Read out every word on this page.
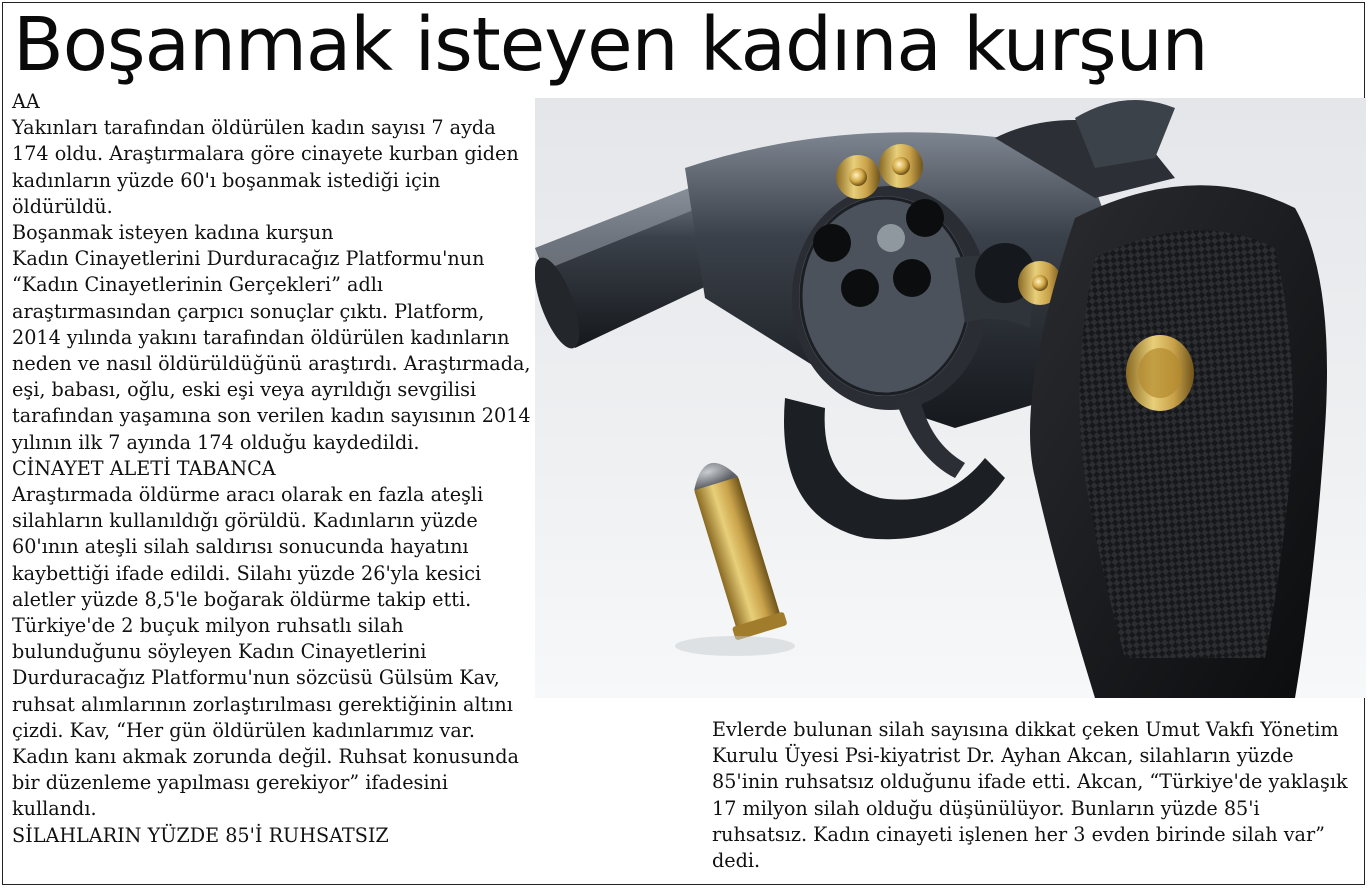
Boşanmak isteyen kadına kurşun

AA

Yakınları tarafından öldürülen kadın sayısı 7 ayda 174 oldu. Araştırmalara göre cinayete kurban giden kadınların yüzde 60'ı boşanmak istediği için öldürüldü.

Boşanmak isteyen kadına kurşun

Kadın Cinayetlerini Durduracağız Platformu'nun “Kadın Cinayetlerinin Gerçekleri” adlı araştırmasından çarpıcı sonuçlar çıktı. Platform, 2014 yılında yakını tarafından öldürülen kadınların neden ve nasıl öldürüldüğünü araştırdı. Araştırmada, eşi, babası, oğlu, eski eşi veya ayrıldığı sevgilisi tarafından yaşamına son verilen kadın sayısının 2014 yılının ilk 7 ayında 174 olduğu kaydedildi.

CİNAYET ALETİ TABANCA

Araştırmada öldürme aracı olarak en fazla ateşli silahların kullanıldığı görüldü. Kadınların yüzde 60'ının ateşli silah saldırısı sonucunda hayatını kaybettiği ifade edildi. Silahı yüzde 26'yla kesici aletler yüzde 8,5'le boğarak öldürme takip etti. Türkiye'de 2 buçuk milyon ruhsatlı silah bulunduğunu söyleyen Kadın Cinayetlerini Durduracağız Platformu'nun sözcüsü Gülsüm Kav, ruhsat alımlarının zorlaştırılması gerektiğinin altını çizdi. Kav, “Her gün öldürülen kadınlarımız var. Kadın kanı akmak zorunda değil. Ruhsat konusunda bir düzenleme yapılması gerekiyor” ifadesini kullandı.

SİLAHLARIN YÜZDE 85'İ RUHSATSIZ

Evlerde bulunan silah sayısına dikkat çeken Umut Vakfı Yönetim Kurulu Üyesi Psi-kiyatrist Dr. Ayhan Akcan, silahların yüzde 85'inin ruhsatsız olduğunu ifade etti. Akcan, “Türkiye'de yaklaşık 17 milyon silah olduğu düşünülüyor. Bunların yüzde 85'i ruhsatsız. Kadın cinayeti işlenen her 3 evden birinde silah var” dedi.
